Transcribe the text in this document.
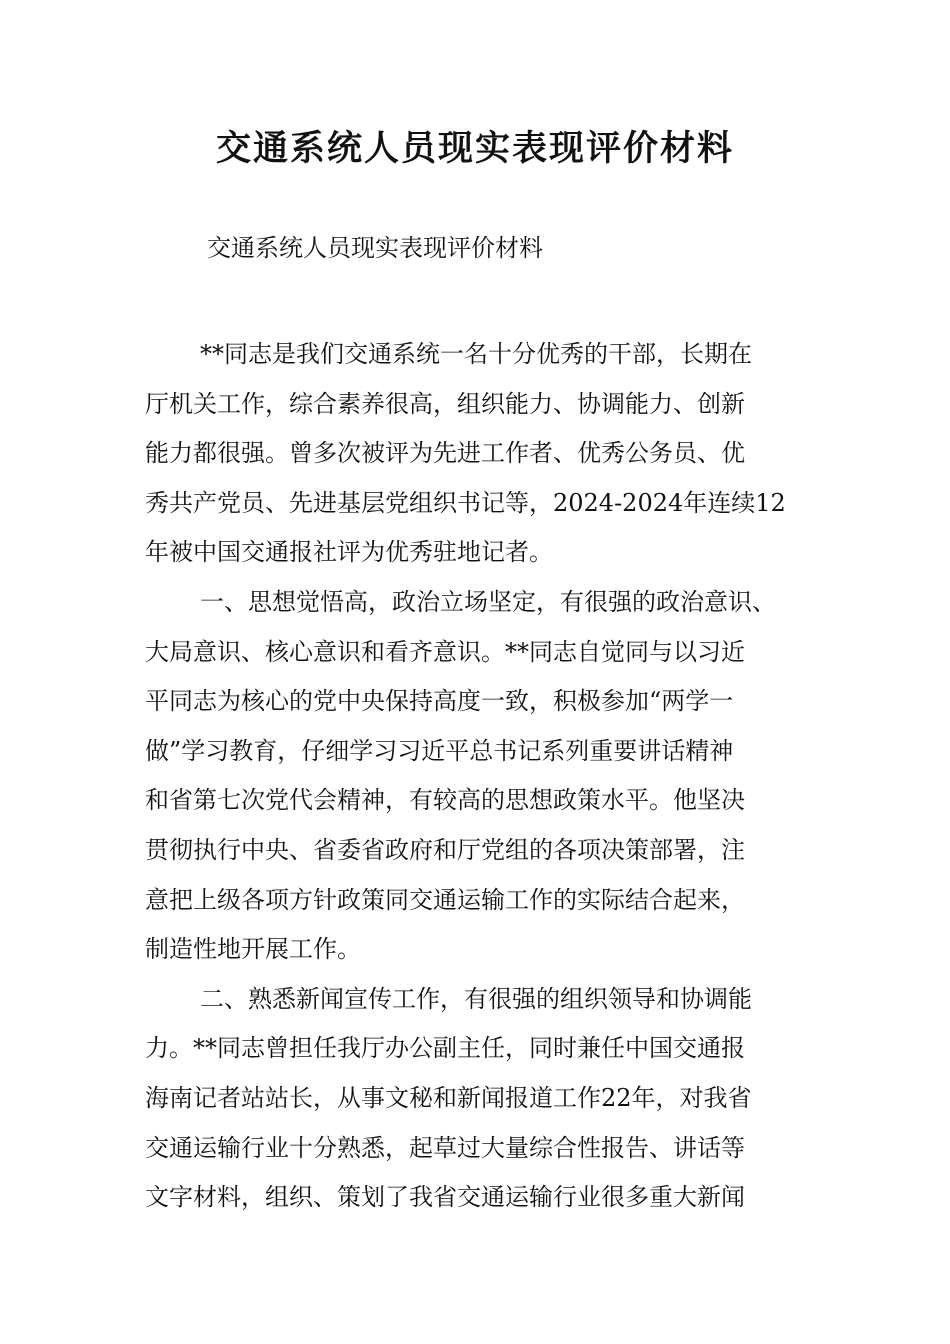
交通系统人员现实表现评价材料

交通系统人员现实表现评价材料

**同志是我们交通系统一名十分优秀的干部，长期在
厅机关工作，综合素养很高，组织能力、协调能力、创新
能力都很强。曾多次被评为先进工作者、优秀公务员、优
秀共产党员、先进基层党组织书记等，2024-2024年连续12
年被中国交通报社评为优秀驻地记者。

一、思想觉悟高，政治立场坚定，有很强的政治意识、
大局意识、核心意识和看齐意识。**同志自觉同与以习近
平同志为核心的党中央保持高度一致，积极参加“两学一
做”学习教育，仔细学习习近平总书记系列重要讲话精神
和省第七次党代会精神，有较高的思想政策水平。他坚决
贯彻执行中央、省委省政府和厅党组的各项决策部署，注
意把上级各项方针政策同交通运输工作的实际结合起来，
制造性地开展工作。

二、熟悉新闻宣传工作，有很强的组织领导和协调能
力。**同志曾担任我厅办公副主任，同时兼任中国交通报
海南记者站站长，从事文秘和新闻报道工作22年，对我省
交通运输行业十分熟悉，起草过大量综合性报告、讲话等
文字材料，组织、策划了我省交通运输行业很多重大新闻
